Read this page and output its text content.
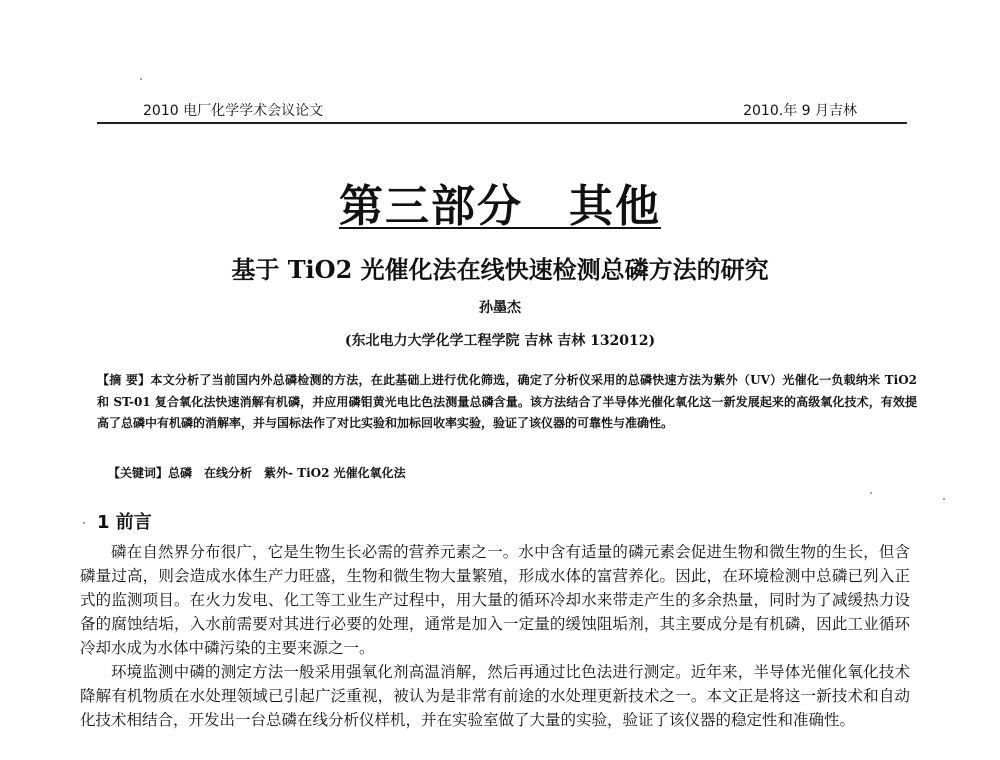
2010 电厂化学学术会议论文	2010.年 9 月吉林
第三部分　其他
基于 TiO2 光催化法在线快速检测总磷方法的研究
孙墨杰
(东北电力大学化学工程学院 吉林 吉林 132012)
【摘 要】本文分析了当前国内外总磷检测的方法，在此基础上进行优化筛选，确定了分析仪采用的总磷快速方法为紫外（UV）光催化一负载纳米 TiO2 和 ST-01 复合氧化法快速消解有机磷，并应用磷钼黄光电比色法测量总磷含量。该方法结合了半导体光催化氧化这一新发展起来的高级氧化技术，有效提高了总磷中有机磷的消解率，并与国标法作了对比实验和加标回收率实验，验证了该仪器的可靠性与准确性。
【关键词】总磷　在线分析　紫外- TiO2 光催化氧化法
1 前言

磷在自然界分布很广，它是生物生长必需的营养元素之一。水中含有适量的磷元素会促进生物和微生物的生长，但含磷量过高，则会造成水体生产力旺盛，生物和微生物大量繁殖，形成水体的富营养化。因此，在环境检测中总磷已列入正式的监测项目。在火力发电、化工等工业生产过程中，用大量的循环冷却水来带走产生的多余热量，同时为了减缓热力设备的腐蚀结垢，入水前需要对其进行必要的处理，通常是加入一定量的缓蚀阻垢剂，其主要成分是有机磷，因此工业循环冷却水成为水体中磷污染的主要来源之一。

环境监测中磷的测定方法一般采用强氧化剂高温消解，然后再通过比色法进行测定。近年来，半导体光催化氧化技术降解有机物质在水处理领域已引起广泛重视，被认为是非常有前途的水处理更新技术之一。本文正是将这一新技术和自动化技术相结合，开发出一台总磷在线分析仪样机，并在实验室做了大量的实验，验证了该仪器的稳定性和准确性。
